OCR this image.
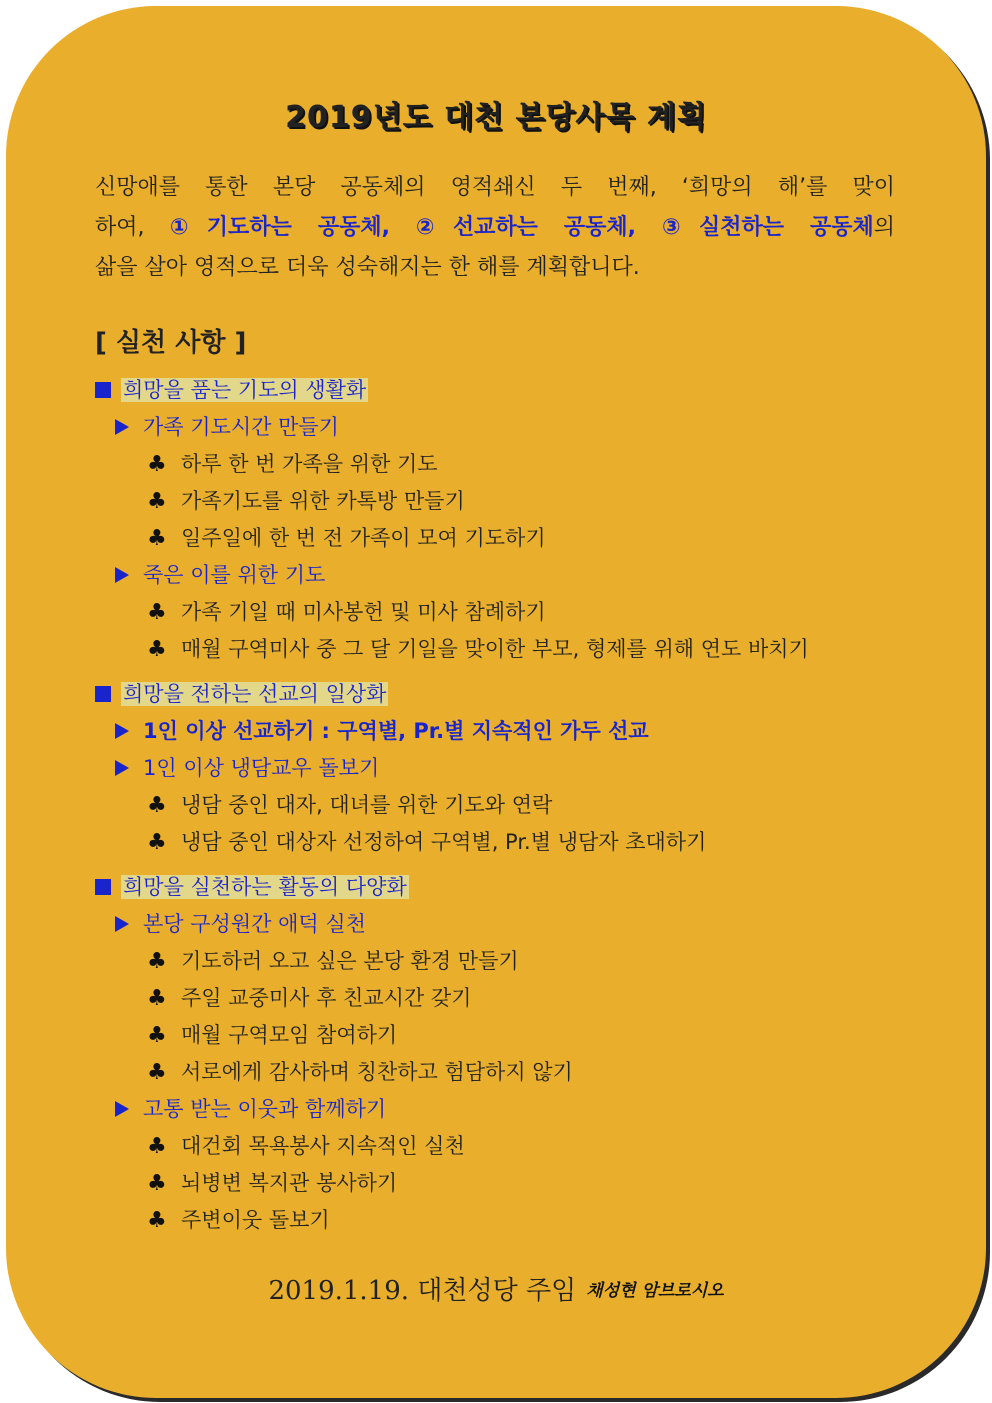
2019년도 대천 본당사목 계획

신망애를 통한 본당 공동체의 영적쇄신 두 번째, ‘희망의 해’를 맞이

하여, ①기도하는 공동체, ②선교하는 공동체, ③실천하는 공동체의

삶을 살아 영적으로 더욱 성숙해지는 한 해를 계획합니다.

[ 실천 사항 ]
희망을 품는 기도의 생활화
가족 기도시간 만들기
♣ 하루 한 번 가족을 위한 기도
♣ 가족기도를 위한 카톡방 만들기
♣ 일주일에 한 번 전 가족이 모여 기도하기
죽은 이를 위한 기도
♣ 가족 기일 때 미사봉헌 및 미사 참례하기
♣ 매월 구역미사 중 그 달 기일을 맞이한 부모, 형제를 위해 연도 바치기
희망을 전하는 선교의 일상화
1인 이상 선교하기 : 구역별, Pr.별 지속적인 가두 선교
1인 이상 냉담교우 돌보기
♣ 냉담 중인 대자, 대녀를 위한 기도와 연락
♣ 냉담 중인 대상자 선정하여 구역별, Pr.별 냉담자 초대하기
희망을 실천하는 활동의 다양화
본당 구성원간 애덕 실천
♣ 기도하러 오고 싶은 본당 환경 만들기
♣ 주일 교중미사 후 친교시간 갖기
♣ 매월 구역모임 참여하기
♣ 서로에게 감사하며 칭찬하고 험담하지 않기
고통 받는 이웃과 함께하기
♣ 대건회 목욕봉사 지속적인 실천
♣ 뇌병변 복지관 봉사하기
♣ 주변이웃 돌보기
2019.1.19. 대천성당 주임 채성현 암브로시오
